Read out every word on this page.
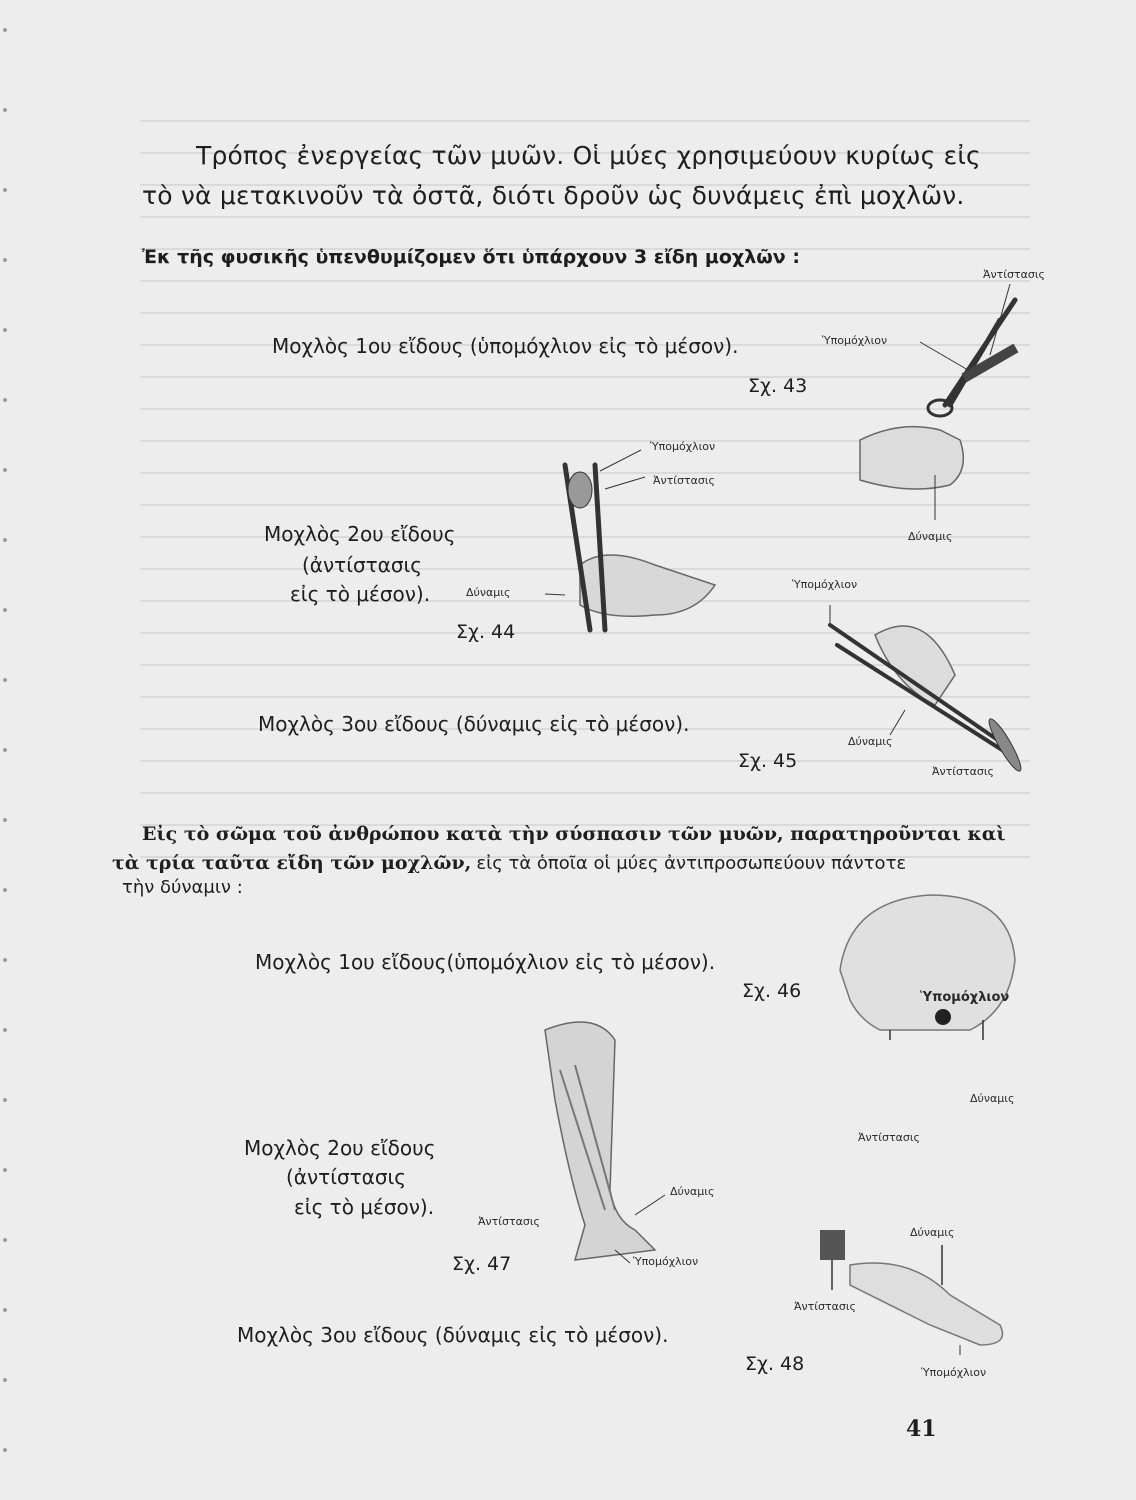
Τρόπος ἐνεργείας τῶν μυῶν. Οἱ μύες χρησιμεύουν κυρίως εἰς
τὸ νὰ μετακινοῦν τὰ ὀστᾶ, διότι δροῦν ὡς δυνάμεις ἐπὶ μοχλῶν.
Ἐκ τῆς φυσικῆς ὑπενθυμίζομεν ὅτι ὑπάρχουν 3 εἴδη μοχλῶν :
Μοχλὸς 1ου εἴδους (ὑπομόχλιον εἰς τὸ μέσον).
Σχ. 43
Μοχλὸς 2ου εἴδους
(ἀντίστασις
εἰς τὸ μέσον).
Σχ. 44
Μοχλὸς 3ου εἴδους (δύναμις εἰς τὸ μέσον).
Σχ. 45
Εἰς τὸ σῶμα τοῦ ἀνθρώπου κατὰ τὴν σύσπασιν τῶν μυῶν, παρατηροῦνται καὶ
τὰ τρία ταῦτα εἴδη τῶν μοχλῶν, εἰς τὰ ὁποῖα οἱ μύες ἀντιπροσωπεύουν πάντοτε
τὴν δύναμιν :
Μοχλὸς 1ου εἴδους(ὑπομόχλιον εἰς τὸ μέσον).
Σχ. 46
Μοχλὸς 2ου εἴδους
(ἀντίστασις
εἰς τὸ μέσον).
Σχ. 47
Μοχλὸς 3ου εἴδους (δύναμις εἰς τὸ μέσον).
Σχ. 48
41
Ἀντίστασις
Ὑπομόχλιον
Δύναμις
Ὑπομόχλιον
Ἀντίστασις
Δύναμις
Ὑπομόχλιον
Δύναμις
Ἀντίστασις
Ὑπομόχλιον
Δύναμις
Ἀντίστασις
Δύναμις
Ἀντίστασις
Ὑπομόχλιον
Δύναμις
Ἀντίστασις
Ὑπομόχλιον
